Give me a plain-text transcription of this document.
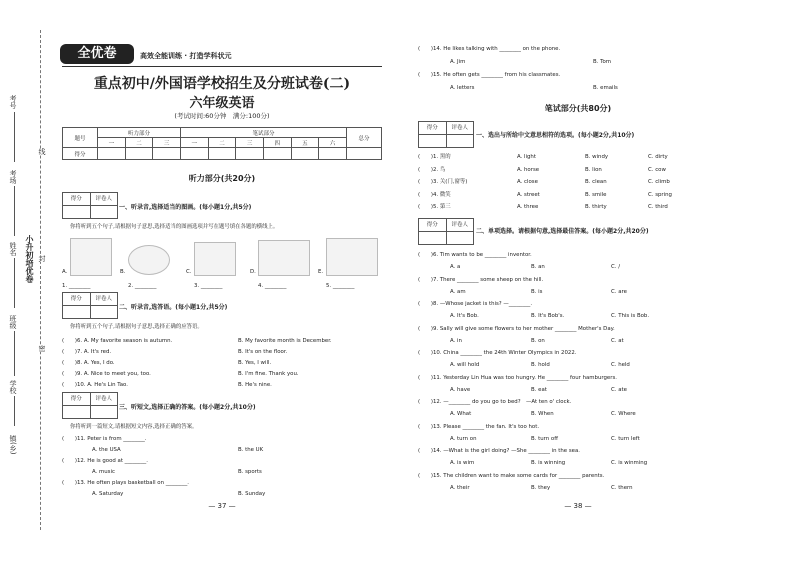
考号
考场
姓名
班级
学校
镇(乡)
线
封
密
小升初培优卷
全优卷	高效全能训练 · 打造学科状元
重点初中/外国语学校招生及分班试卷(二)
六年级英语
(考试时间:60分钟　满分:100分)
题号	听力部分			笔试部分						总分
	一	二	三	一	二	三	四	五	六	
得分										
听力部分(共20分)
得分	评卷人
一、听录音,选择适当的图画。(每小题1分,共5分)
你将听到五个句子,请根据句子意思,选择适当的图画选项并写在题号填在各题的横线上。
A.	B.	C.	D.	E.
1. ________	2. ________	3. ________	4. ________	5. ________
得分	评卷人
二、听录音,选答语。(每小题1分,共5分)
你将听到五个句子,请根据句子意思,选择正确的应答语。
(　　)6. A. My favorite season is autumn.	B. My favorite month is December.
(　　)7. A. It's red.	B. It's on the floor.
(　　)8. A. Yes, I do.	B. Yes, I will.
(　　)9. A. Nice to meet you, too.	B. I'm fine. Thank you.
(　　)10. A. He's Lin Tao.	B. He's nine.
得分	评卷人
三、听短文,选择正确的答案。(每小题2分,共10分)
你将听到一篇短文,请根据短文内容,选择正确的答案。
(　　)11. Peter is from ________.
A. the USA	B. the UK
(　　)12. He is good at ________.
A. music	B. sports
(　　)13. He often plays basketball on ________.
A. Saturday	B. Sunday
— 37 —
(　　)14. He likes talking with ________ on the phone.
A. Jim	B. Tom
(　　)15. He often gets ________ from his classmates.
A. letters	B. emails
笔试部分(共80分)
得分	评卷人
一、选出与所给中文意思相符的选项。(每小题2分,共10分)
(　　)1. 黑的	A. light	B. windy	C. dirty
(　　)2. 鸟	A. horse	B. lion	C. cow
(　　)3. 关(门,窗等)	A. close	B. clean	C. climb
(　　)4. 微笑	A. street	B. smile	C. spring
(　　)5. 第三	A. three	B. thirty	C. third
得分	评卷人
二、单项选择。请根据句意,选择最佳答案。(每小题2分,共20分)
(　　)6. Tim wants to be ________ inventor.
A. a	B. an	C. /
(　　)7. There ________ some sheep on the hill.
A. am	B. is	C. are
(　　)8. —Whose jacket is this? —________.
A. It's Bob.	B. It's Bob's.	C. This is Bob.
(　　)9. Sally will give some flowers to her mother ________ Mother's Day.
A. in	B. on	C. at
(　　)10. China ________ the 24th Winter Olympics in 2022.
A. will hold	B. hold	C. held
(　　)11. Yesterday Lin Hua was too hungry. He ________ four hamburgers.
A. have	B. eat	C. ate
(　　)12. —________ do you go to bed?　—At ten o' clock.
A. What	B. When	C. Where
(　　)13. Please ________ the fan. It's too hot.
A. turn on	B. turn off	C. turn left
(　　)14. —What is the girl doing? —She ________ in the sea.
A. is wim	B. is winning	C. is winming
(　　)15. The children want to make some cards for ________ parents.
A. their	B. they	C. thern
— 38 —
